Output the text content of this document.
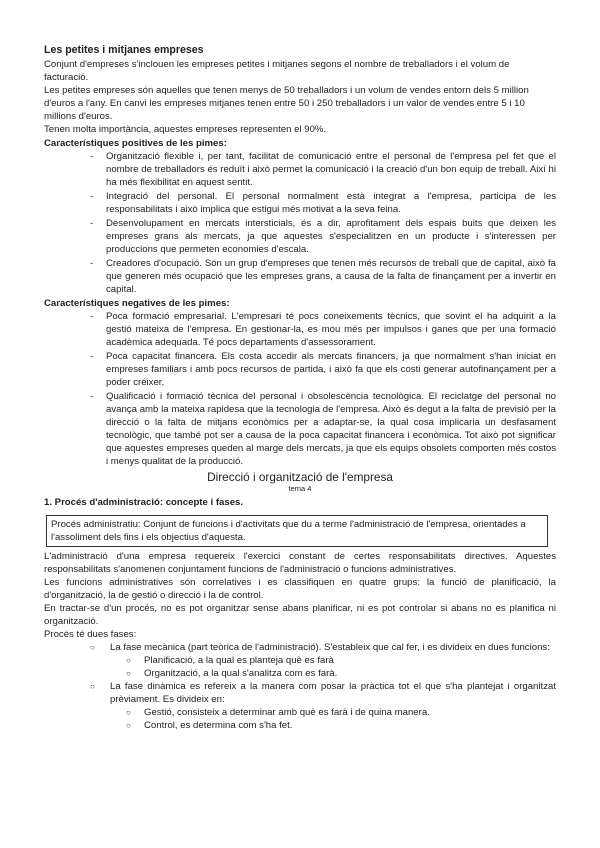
Les petites i mitjanes empreses

Conjunt d'empreses s'inclouen les empreses petites i mitjanes segons el nombre de treballadors i el volum de facturació.

Les petites empreses són aquelles que tenen menys de 50 treballadors i un volum de vendes entorn dels 5 million d'euros a l'any. En canvi les empreses mitjanes tenen entre 50 i 250 treballadors i un valor de vendes entre 5 i 10 millions d'euros.

Tenen molta importància, aquestes empreses representen el 90%.

Característiques positives de les pimes:

- Organització flexible i, per tant, facilitat de comunicació entre el personal de l'empresa pel fet que el nombre de treballadors és reduït i això permet la comunicació i la creació d'un bon equip de treball. Així hi ha més flexibilitat en aquest sentit.
- Integració del personal. El personal normalment està integrat a l'empresa, participa de les responsabilitats i això implica que estigui més motivat a la seva feina.
- Desenvolupament en mercats intersticials, és a dir, aprofitament dels espais buits que deixen les empreses grans als mercats, ja que aquestes s'especialitzen en un producte i s'interessen per produccions que permeten economies d'escala.
- Creadores d'ocupació. Són un grup d'empreses que tenen més recursos de treball que de capital, això fa que generen més ocupació que les empreses grans, a causa de la falta de finançament per a invertir en capital.

Característiques negatives de les pimes:

- Poca formació empresarial. L'empresari té pocs coneixements tècnics, que sovint el ha adquirit a la gestió mateixa de l'empresa. En gestionar-la, es mou més per impulsos i ganes que per una formació acadèmica adequada. Té pocs departaments d'assessorament.
- Poca capacitat financera. Els costa accedir als mercats financers, ja que normalment s'han iniciat en empreses familiars i amb pocs recursos de partida, i això fa que els costi generar autofinançament per a poder créixer.
- Qualificació i formació tècnica del personal i obsolescència tecnològica. El reciclatge del personal no avança amb la mateixa rapidesa que la tecnologia de l'empresa. Això és degut a la falta de previsió per la direcció o la falta de mitjans econòmics per a adaptar-se, la qual cosa implicaria un desfasament tecnològic, que també pot ser a causa de la poca capacitat financera i econòmica. Tot això pot significar que aquestes empreses queden al marge dels mercats, ja que els equips obsolets comporten més costos i menys qualitat de la producció.

Direcció i organització de l'empresa

tema 4

1. Procés d'administració: concepte i fases.

Procés administratiu: Conjunt de funcions i d'activitats que du a terme l'administració de l'empresa, orientades a l'assoliment dels fins i els objectius d'aquesta.

L'administració d'una empresa requereix l'exercici constant de certes responsabilitats directives. Aquestes responsabilitats s'anomenen conjuntament funcions de l'administració o funcions administratives.

Les funcions administratives són correlatives i es classifiquen en quatre grups: la funció de planificació, la d'organització, la de gestió o direcció i la de control.

En tractar-se d'un procés, no es pot organitzar sense abans planificar, ni es pot controlar si abans no es planifica ni organització.

Procés té dues fases:

○ La fase mecànica (part teòrica de l'administració). S'estableix que cal fer, i es divideix en dues funcions:
○ Planificació, a la qual es planteja què es farà
○ Organització, a la qual s'analitza com es farà.
○ La fase dinàmica es refereix a la manera com posar la pràctica tot el que s'ha plantejat i organitzat prèviament. Es divideix en:
○ Gestió, consisteix a determinar amb què es farà i de quina manera.
○ Control, es determina com s'ha fet.
